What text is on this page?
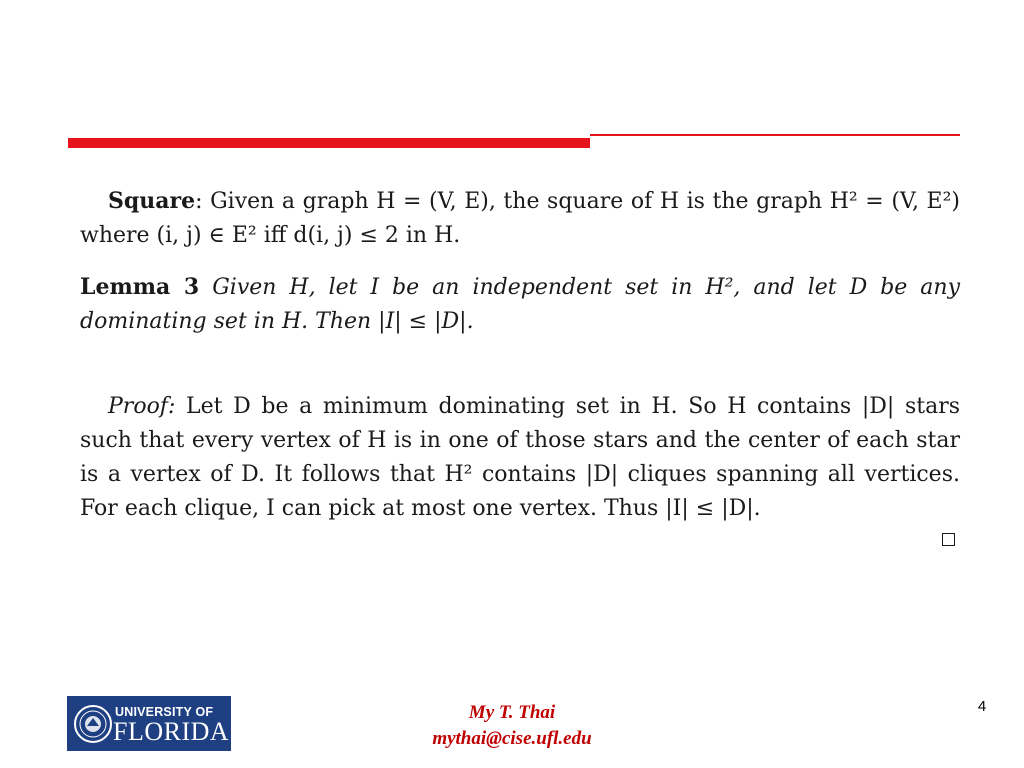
Square: Given a graph H = (V, E), the square of H is the graph H² = (V, E²) where (i, j) ∈ E² iff d(i, j) ≤ 2 in H.

Lemma 3 Given H, let I be an independent set in H², and let D be any dominating set in H. Then |I| ≤ |D|.

Proof: Let D be a minimum dominating set in H. So H contains |D| stars such that every vertex of H is in one of those stars and the center of each star is a vertex of D. It follows that H² contains |D| cliques spanning all vertices. For each clique, I can pick at most one vertex. Thus |I| ≤ |D|.

UNIVERSITY OF
FLORIDA
My T. Thai
mythai@cise.ufl.edu
4
